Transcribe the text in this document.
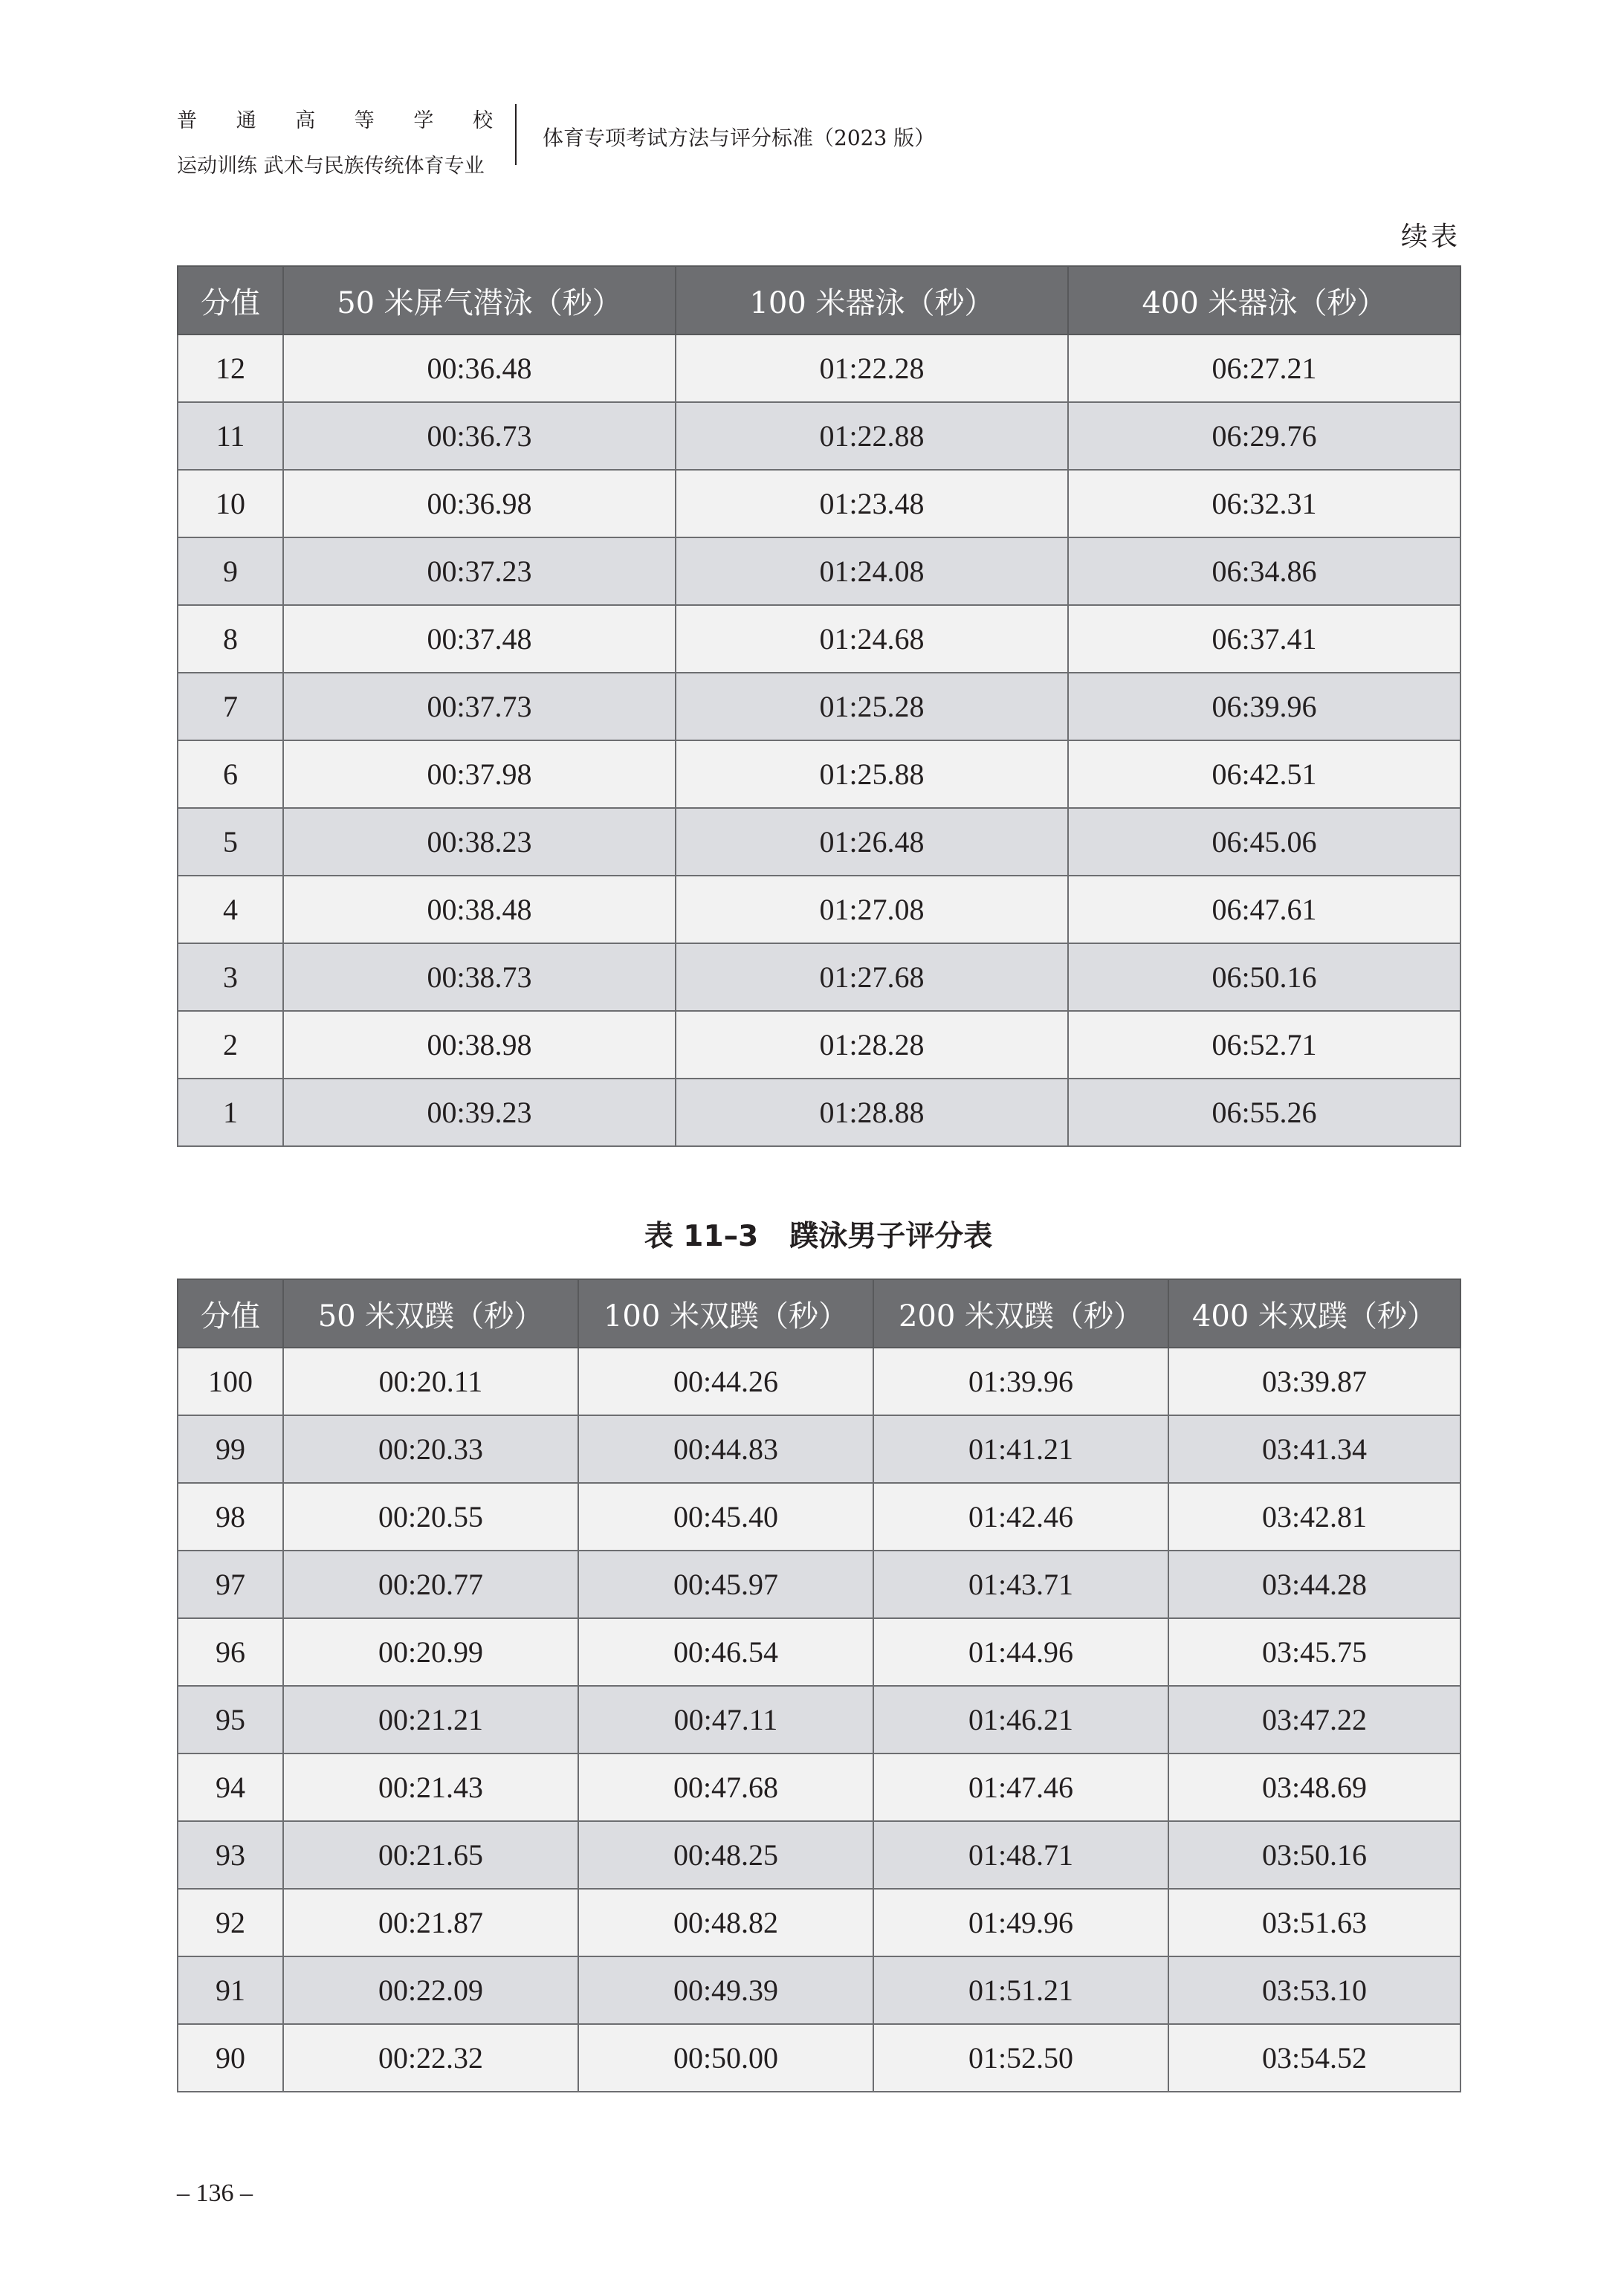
普 通 高 等 学 校
运动训练 武术与民族传统体育专业
体育专项考试方法与评分标准（2023 版）
续表
分值	50 米屏气潜泳（秒）	100 米器泳（秒）	400 米器泳（秒）
12	00:36.48	01:22.28	06:27.21
11	00:36.73	01:22.88	06:29.76
10	00:36.98	01:23.48	06:32.31
9	00:37.23	01:24.08	06:34.86
8	00:37.48	01:24.68	06:37.41
7	00:37.73	01:25.28	06:39.96
6	00:37.98	01:25.88	06:42.51
5	00:38.23	01:26.48	06:45.06
4	00:38.48	01:27.08	06:47.61
3	00:38.73	01:27.68	06:50.16
2	00:38.98	01:28.28	06:52.71
1	00:39.23	01:28.88	06:55.26
表 11–3 蹼泳男子评分表
分值	50 米双蹼（秒）	100 米双蹼（秒）	200 米双蹼（秒）	400 米双蹼（秒）
100	00:20.11	00:44.26	01:39.96	03:39.87
99	00:20.33	00:44.83	01:41.21	03:41.34
98	00:20.55	00:45.40	01:42.46	03:42.81
97	00:20.77	00:45.97	01:43.71	03:44.28
96	00:20.99	00:46.54	01:44.96	03:45.75
95	00:21.21	00:47.11	01:46.21	03:47.22
94	00:21.43	00:47.68	01:47.46	03:48.69
93	00:21.65	00:48.25	01:48.71	03:50.16
92	00:21.87	00:48.82	01:49.96	03:51.63
91	00:22.09	00:49.39	01:51.21	03:53.10
90	00:22.32	00:50.00	01:52.50	03:54.52
– 136 –
